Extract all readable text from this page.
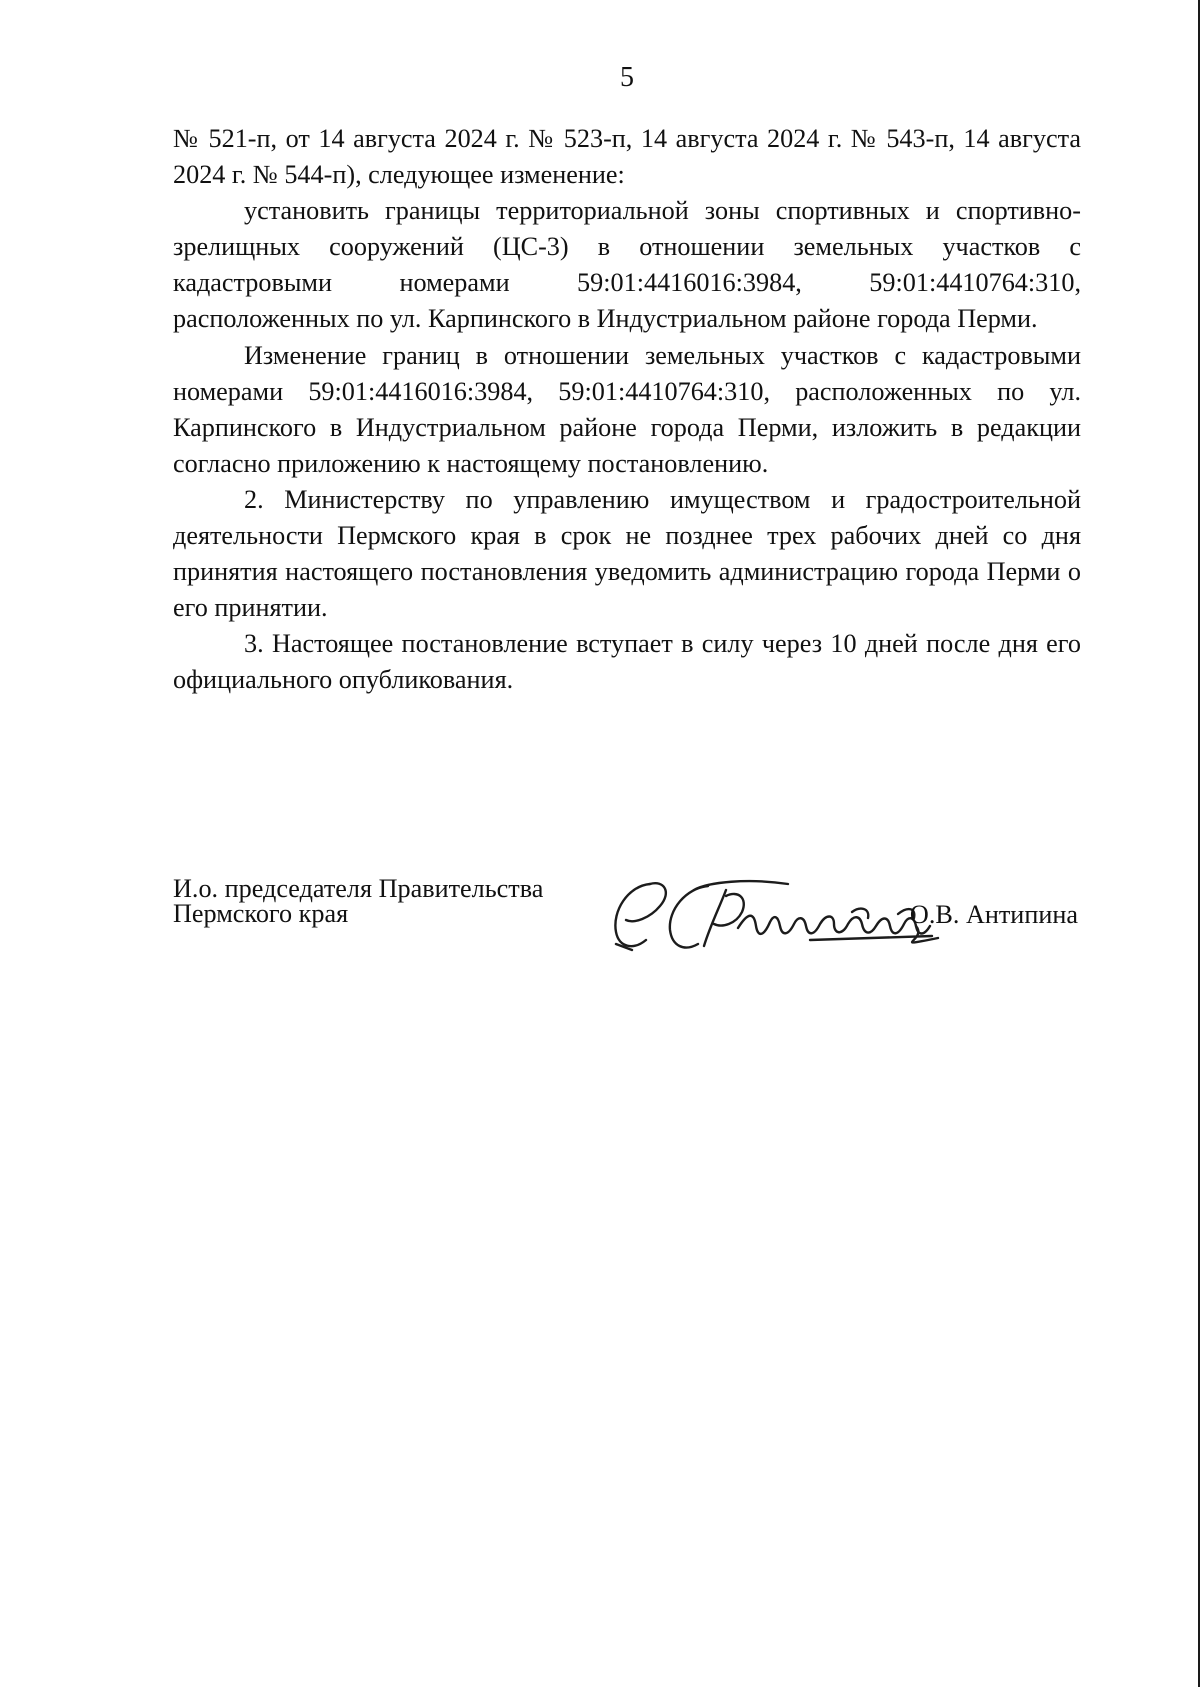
5

№ 521-п, от 14 августа 2024 г. № 523-п, 14 августа 2024 г. № 543-п, 14 августа 2024 г. № 544-п), следующее изменение:

установить границы территориальной зоны спортивных и спортивно-зрелищных сооружений (ЦС-3) в отношении земельных участков с кадастровыми номерами 59:01:4416016:3984, 59:01:4410764:310, расположенных по ул. Карпинского в Индустриальном районе города Перми.

Изменение границ в отношении земельных участков с кадастровыми номерами 59:01:4416016:3984, 59:01:4410764:310, расположенных по ул. Карпинского в Индустриальном районе города Перми, изложить в редакции согласно приложению к настоящему постановлению.

2. Министерству по управлению имуществом и градостроительной деятельности Пермского края в срок не позднее трех рабочих дней со дня принятия настоящего постановления уведомить администрацию города Перми о его принятии.

3. Настоящее постановление вступает в силу через 10 дней после дня его официального опубликования.

И.о. председателя Правительства
Пермского края	О.В. Антипина
